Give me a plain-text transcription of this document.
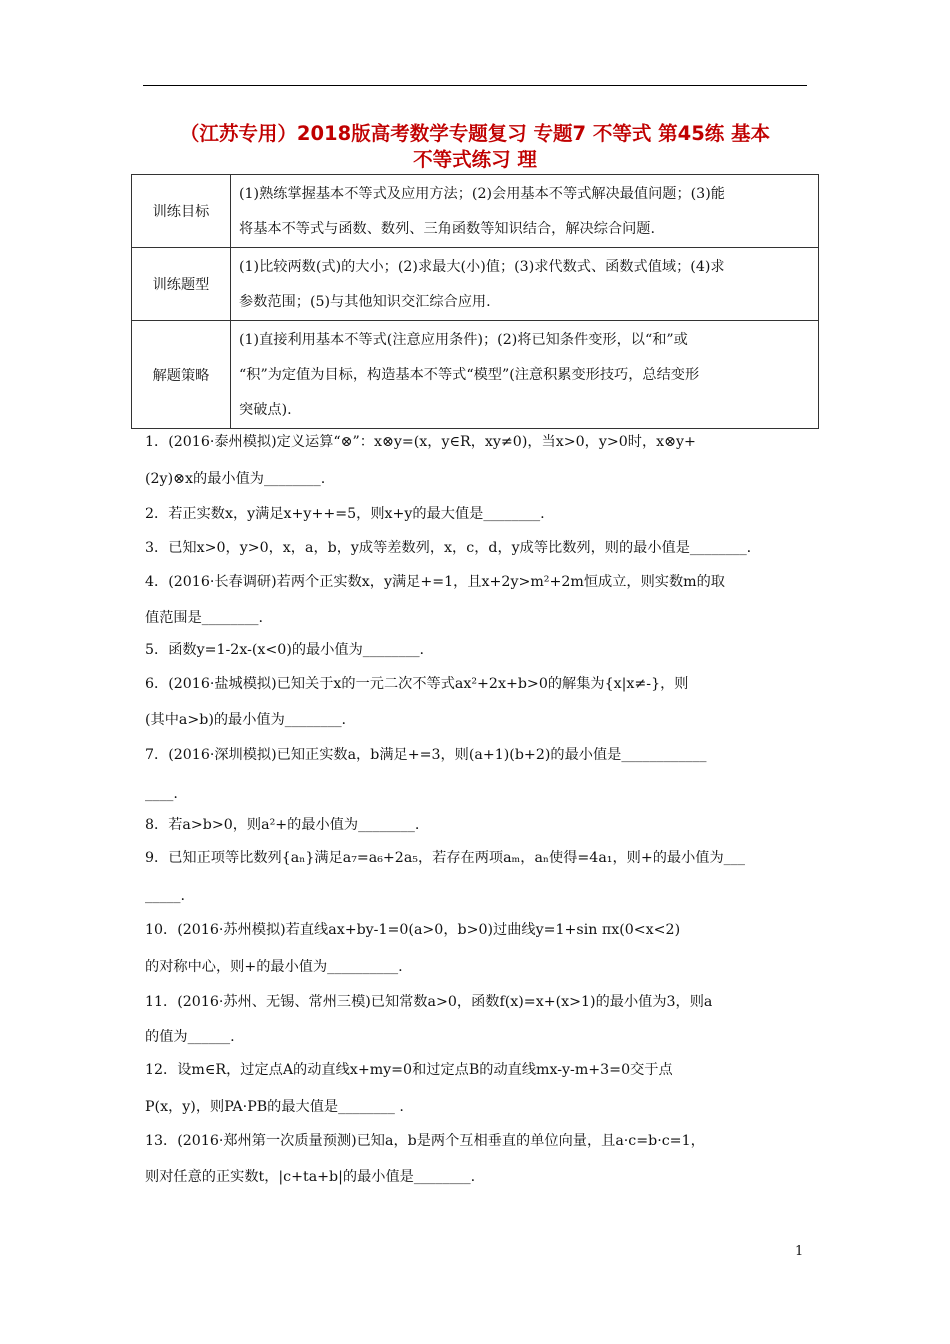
（江苏专用）2018版高考数学专题复习 专题7 不等式 第45练 基本
不等式练习 理
训练目标	(1)熟练掌握基本不等式及应用方法；(2)会用基本不等式解决最值问题；(3)能
将基本不等式与函数、数列、三角函数等知识结合，解决综合问题.

训练题型	(1)比较两数(式)的大小；(2)求最大(小)值；(3)求代数式、函数式值域；(4)求
参数范围；(5)与其他知识交汇综合应用.

解题策略	(1)直接利用基本不等式(注意应用条件)；(2)将已知条件变形，以“和”或
“积”为定值为目标，构造基本不等式“模型”(注意积累变形技巧，总结变形
突破点).
1．(2016·泰州模拟)定义运算“⊗”：x⊗y=(x，y∈R，xy≠0)，当x>0，y>0时，x⊗y+
(2y)⊗x的最小值为________.
2．若正实数x，y满足x+y++=5，则x+y的最大值是________.
3．已知x>0，y>0，x，a，b，y成等差数列，x，c，d，y成等比数列，则的最小值是________.
4．(2016·长春调研)若两个正实数x，y满足+=1，且x+2y>m²+2m恒成立，则实数m的取
值范围是________.
5．函数y=1-2x-(x<0)的最小值为________.
6．(2016·盐城模拟)已知关于x的一元二次不等式ax²+2x+b>0的解集为{x|x≠-}，则
(其中a>b)的最小值为________.
7．(2016·深圳模拟)已知正实数a，b满足+=3，则(a+1)(b+2)的最小值是____________
____.
8．若a>b>0，则a²+的最小值为________.
9．已知正项等比数列{aₙ}满足a₇=a₆+2a₅，若存在两项aₘ，aₙ使得=4a₁，则+的最小值为___
_____.
10．(2016·苏州模拟)若直线ax+by-1=0(a>0，b>0)过曲线y=1+sin πx(0<x<2)
的对称中心，则+的最小值为__________.
11．(2016·苏州、无锡、常州三模)已知常数a>0，函数f(x)=x+(x>1)的最小值为3，则a
的值为______.
12．设m∈R，过定点A的动直线x+my=0和过定点B的动直线mx-y-m+3=0交于点
P(x，y)，则PA·PB的最大值是________ .
13．(2016·郑州第一次质量预测)已知a，b是两个互相垂直的单位向量，且a·c=b·c=1，
则对任意的正实数t，|c+ta+b|的最小值是________.
1
